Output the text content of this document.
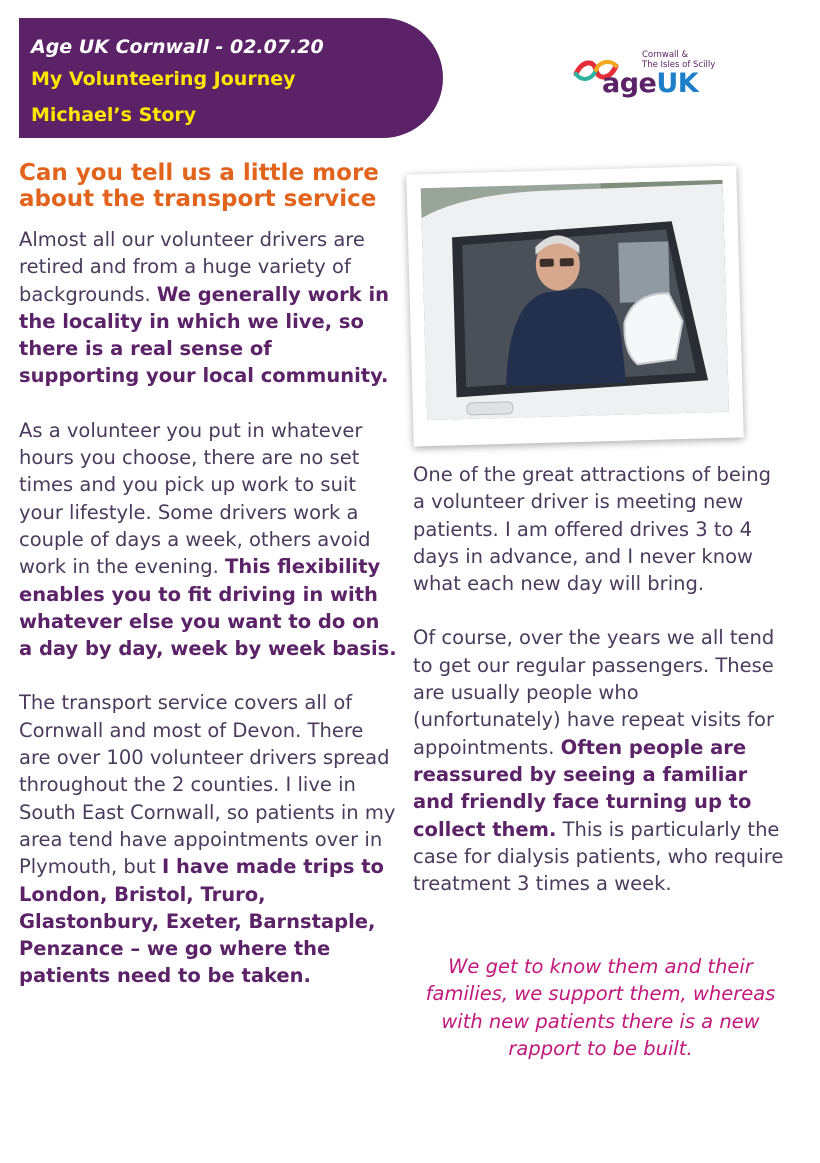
Age UK Cornwall - 02.07.20
My Volunteering Journey
Michael’s Story
Cornwall &
The Isles of Scilly
ageUK
Can you tell us a little more
about the transport service

Almost all our volunteer drivers are retired and from a huge variety of backgrounds. We generally work in the locality in which we live, so there is a real sense of supporting your local community.

As a volunteer you put in whatever hours you choose, there are no set times and you pick up work to suit your lifestyle. Some drivers work a couple of days a week, others avoid work in the evening. This flexibility enables you to fit driving in with whatever else you want to do on a day by day, week by week basis.

The transport service covers all of Cornwall and most of Devon. There are over 100 volunteer drivers spread throughout the 2 counties. I live in South East Cornwall, so patients in my area tend have appointments over in Plymouth, but I have made trips to London, Bristol, Truro, Glastonbury, Exeter, Barnstaple, Penzance – we go where the patients need to be taken.

One of the great attractions of being a volunteer driver is meeting new patients. I am offered drives 3 to 4 days in advance, and I never know what each new day will bring.

Of course, over the years we all tend to get our regular passengers. These are usually people who (unfortunately) have repeat visits for appointments. Often people are reassured by seeing a familiar and friendly face turning up to collect them. This is particularly the case for dialysis patients, who require treatment 3 times a week.

We get to know them and their families, we support them, whereas with new patients there is a new rapport to be built.
